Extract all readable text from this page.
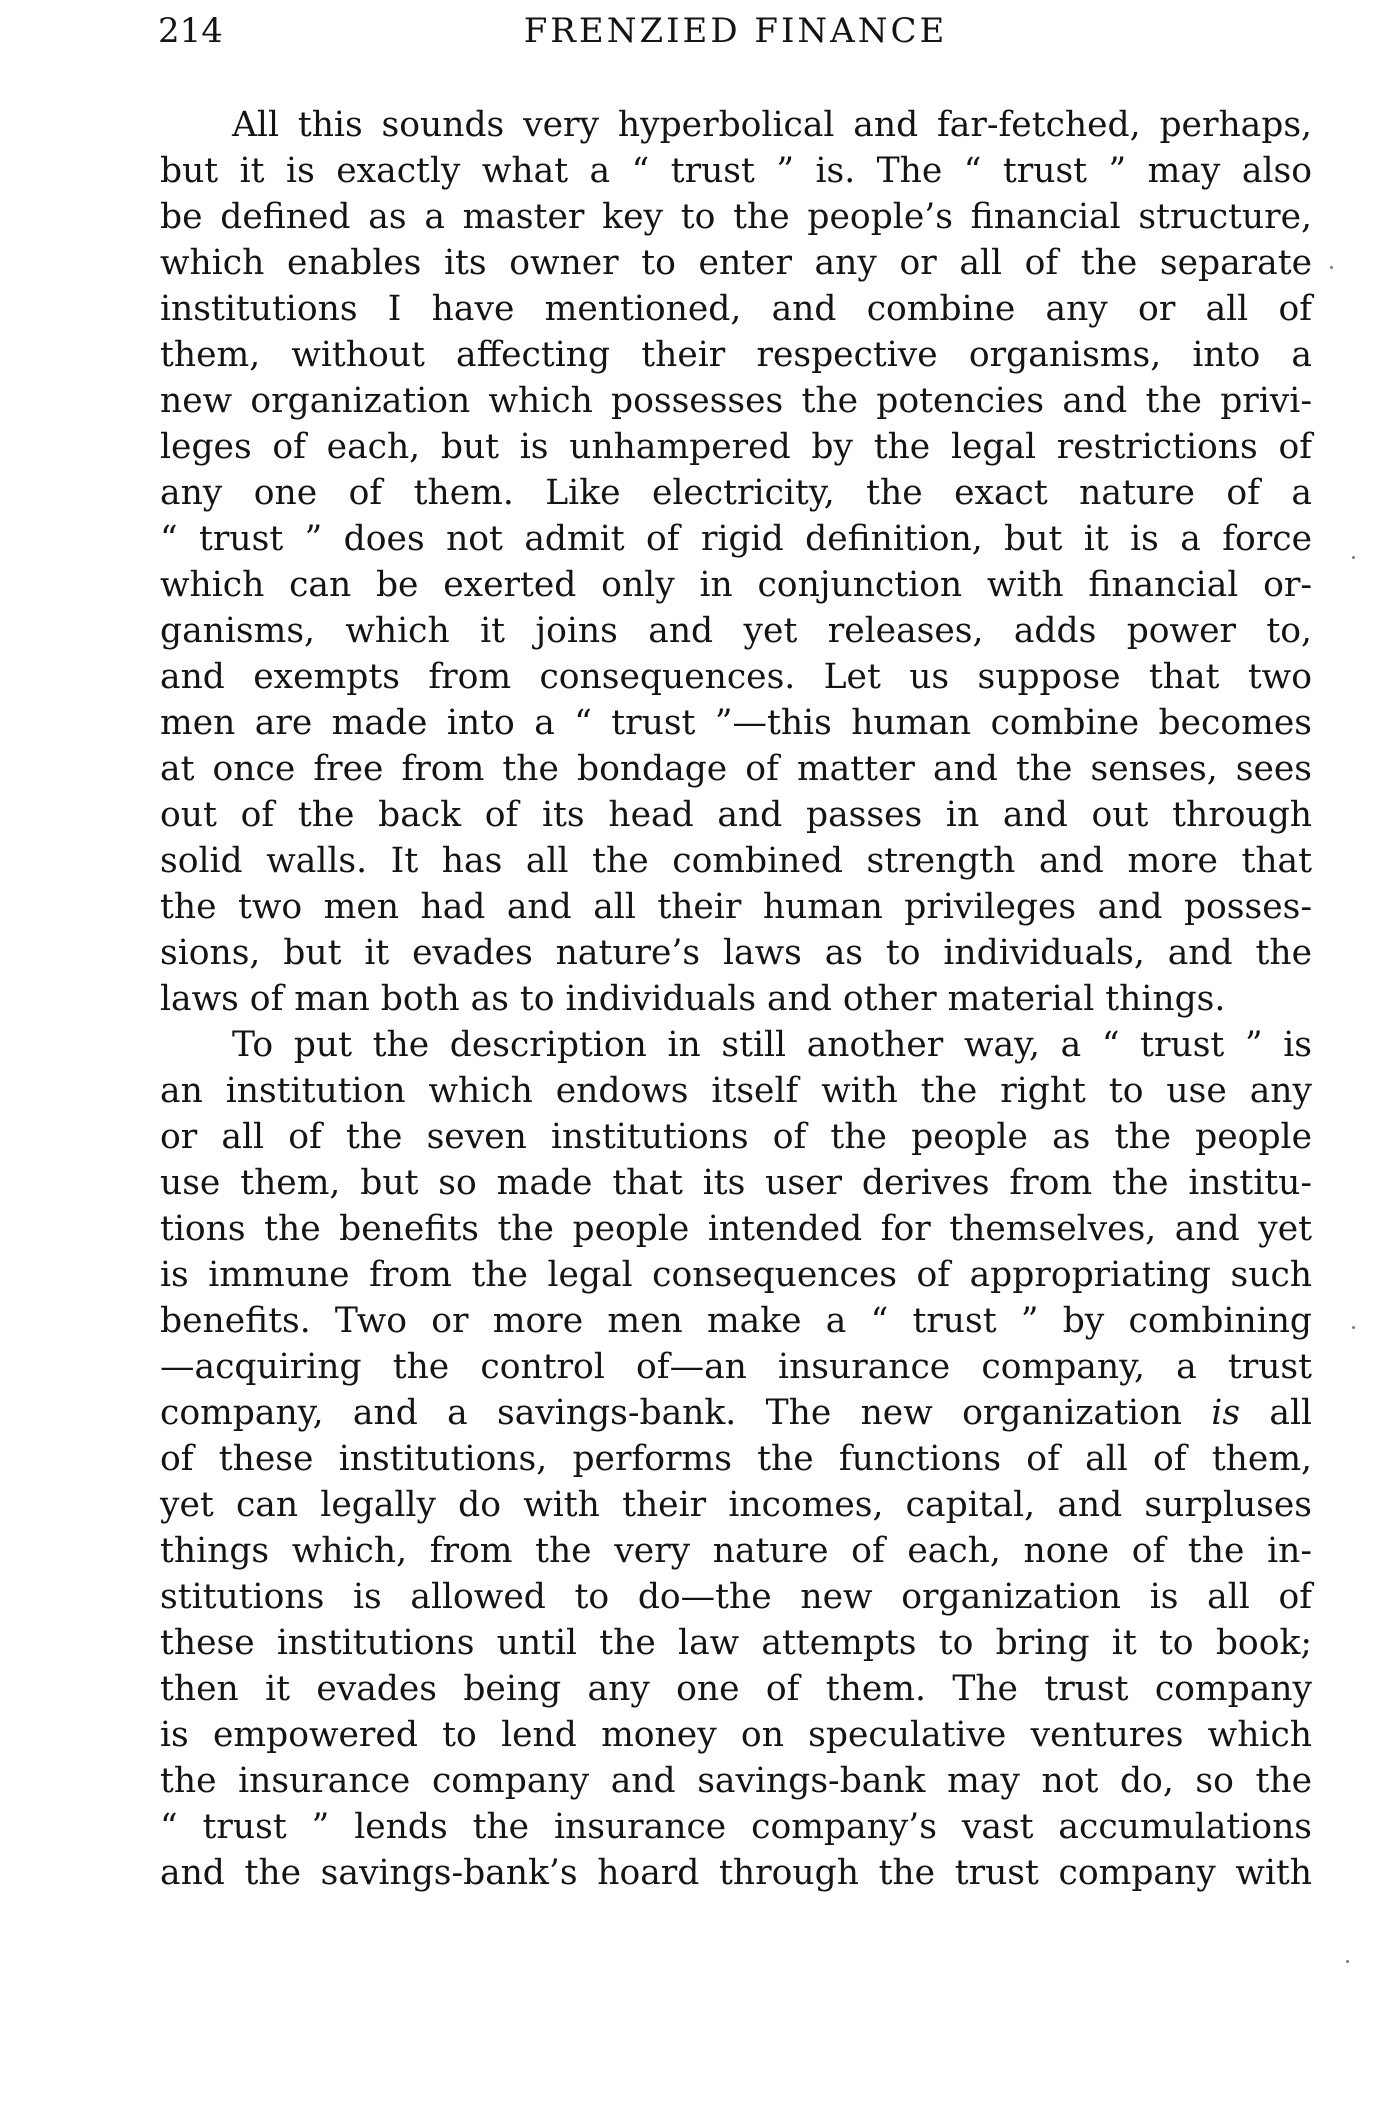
214	FRENZIED FINANCE
All this sounds very hyperbolical and far-fetched, perhaps,
but it is exactly what a “ trust ” is. The “ trust ” may also
be defined as a master key to the people’s financial structure,
which enables its owner to enter any or all of the separate
institutions I have mentioned, and combine any or all of
them, without affecting their respective organisms, into a
new organization which possesses the potencies and the privi-
leges of each, but is unhampered by the legal restrictions of
any one of them. Like electricity, the exact nature of a
“ trust ” does not admit of rigid definition, but it is a force
which can be exerted only in conjunction with financial or-
ganisms, which it joins and yet releases, adds power to,
and exempts from consequences. Let us suppose that two
men are made into a “ trust ”—this human combine becomes
at once free from the bondage of matter and the senses, sees
out of the back of its head and passes in and out through
solid walls. It has all the combined strength and more that
the two men had and all their human privileges and posses-
sions, but it evades nature’s laws as to individuals, and the
laws of man both as to individuals and other material things.
To put the description in still another way, a “ trust ” is
an institution which endows itself with the right to use any
or all of the seven institutions of the people as the people
use them, but so made that its user derives from the institu-
tions the benefits the people intended for themselves, and yet
is immune from the legal consequences of appropriating such
benefits. Two or more men make a “ trust ” by combining
—acquiring the control of—an insurance company, a trust
company, and a savings-bank. The new organization is all
of these institutions, performs the functions of all of them,
yet can legally do with their incomes, capital, and surpluses
things which, from the very nature of each, none of the in-
stitutions is allowed to do—the new organization is all of
these institutions until the law attempts to bring it to book;
then it evades being any one of them. The trust company
is empowered to lend money on speculative ventures which
the insurance company and savings-bank may not do, so the
“ trust ” lends the insurance company’s vast accumulations
and the savings-bank’s hoard through the trust company with
